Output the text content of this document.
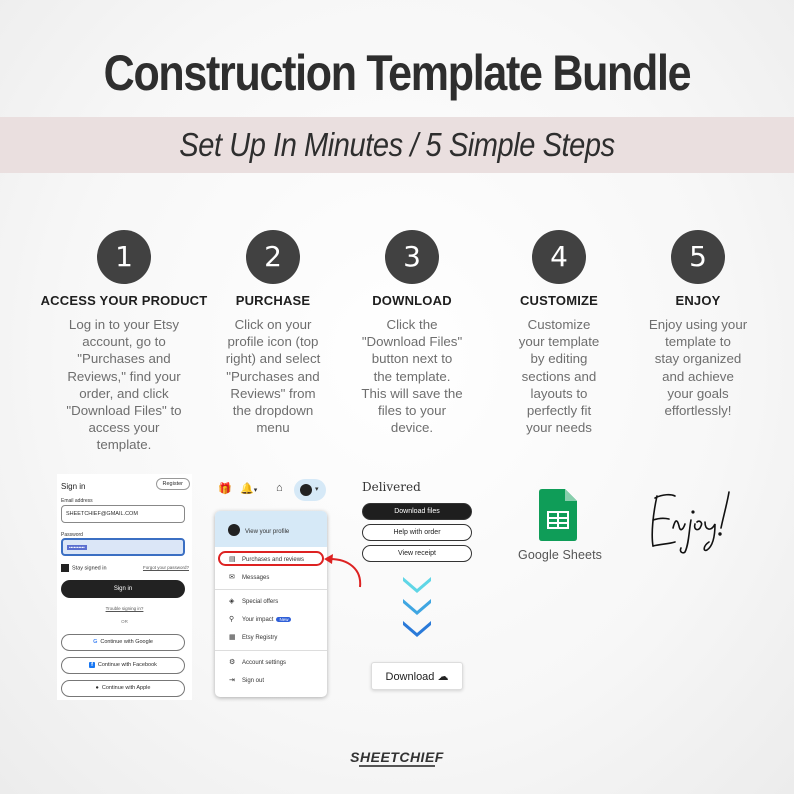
Construction Template Bundle
Set Up In Minutes / 5 Simple Steps
1
ACCESS YOUR PRODUCT
Log in to your Etsy
account, go to
"Purchases and
Reviews," find your
order, and click
"Download Files" to
access your
template.
2
PURCHASE
Click on your
profile icon (top
right) and select
"Purchases and
Reviews" from
the dropdown
menu
3
DOWNLOAD
Click the
"Download Files"
button next to
the template.
This will save the
files to your
device.
4
CUSTOMIZE
Customize
your template
by editing
sections and
layouts to
perfectly fit
your needs
5
ENJOY
Enjoy using your
template to
stay organized
and achieve
your goals
effortlessly!
Sign in	Register
Email address
SHEETCHIEF@GMAIL.COM
Password
••••••••••
Stay signed in	Forgot your password?
Sign in
Trouble signing in?
OR
G Continue with Google
f Continue with Facebook
● Continue with Apple
🎁 🔔▾ ⌂	▾
View your profile
▤ Purchases and reviews
✉ Messages
◈ Special offers
⚲ Your impact New
▦ Etsy Registry
⚙ Account settings
⇥ Sign out
Delivered
Download files
Help with order
View receipt
Download ☁
Google Sheets
SHEETCHIEF
